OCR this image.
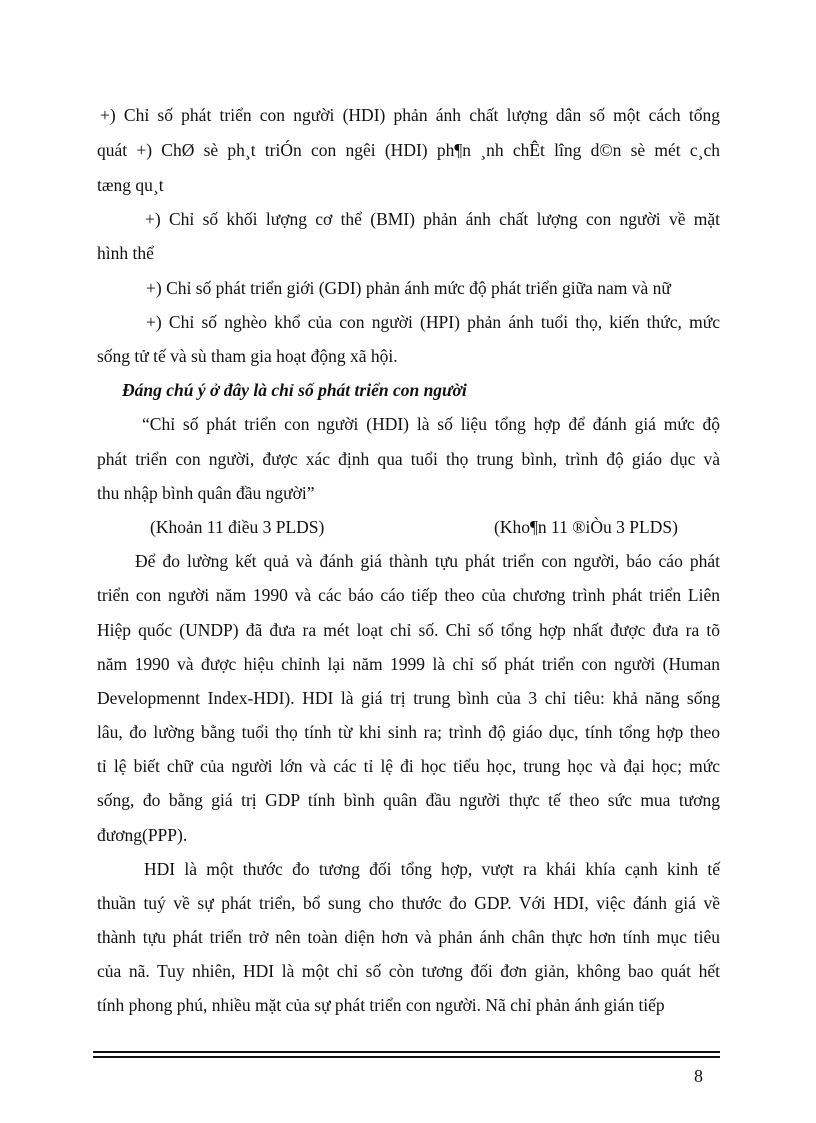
+) Chỉ số phát triển con người (HDI) phản ánh chất lượng dân số một cách tổng
quát +) ChØ sè ph¸t triÓn con ngêi (HDI) ph¶n ¸nh chÊt lîng d©n sè mét c¸ch
tæng qu¸t
+) Chỉ số khối lượng cơ thể (BMI) phản ánh chất lượng con người về mặt
hình thể
+) Chỉ số phát triển giới (GDI) phản ánh mức độ phát triển giữa nam và nữ
+) Chỉ số nghèo khổ của con người (HPI) phản ánh tuổi thọ, kiến thức, mức
sống tử tế và sù tham gia hoạt động xã hội.
Đáng chú ý ở đây là chỉ số phát triển con người
“Chỉ số phát triển con người (HDI) là số liệu tổng hợp để đánh giá mức độ
phát triển con người, được xác định qua tuổi thọ trung bình, trình độ giáo dục và
thu nhập bình quân đầu người”
(Khoản 11 điều 3 PLDS)	(Kho¶n 11 ®iÒu 3 PLDS)
Để đo lường kết quả và đánh giá thành tựu phát triển con người, báo cáo phát
triển con người năm 1990 và các báo cáo tiếp theo của chương trình phát triển Liên
Hiệp quốc (UNDP) đã đưa ra mét loạt chỉ số. Chỉ số tổng hợp nhất được đưa ra tõ
năm 1990 và được hiệu chỉnh lại năm 1999 là chỉ số phát triển con người (Human
Developmennt Index-HDI). HDI là giá trị trung bình của 3 chỉ tiêu: khả năng sống
lâu, đo lường bằng tuổi thọ tính từ khi sinh ra; trình độ giáo dục, tính tổng hợp theo
tỉ lệ biết chữ của người lớn và các tỉ lệ đi học tiểu học, trung học và đại học; mức
sống, đo bằng giá trị GDP tính bình quân đầu người thực tế theo sức mua tương
đương(PPP).
HDI là một thước đo tương đối tổng hợp, vượt ra khái khía cạnh kinh tế
thuần tuý về sự phát triển, bổ sung cho thước đo GDP. Với HDI, việc đánh giá về
thành tựu phát triển trở nên toàn diện hơn và phản ánh chân thực hơn tính mục tiêu
của nã. Tuy nhiên, HDI là một chỉ số còn tương đối đơn giản, không bao quát hết
tính phong phú, nhiều mặt của sự phát triển con người. Nã chỉ phản ánh gián tiếp
8
